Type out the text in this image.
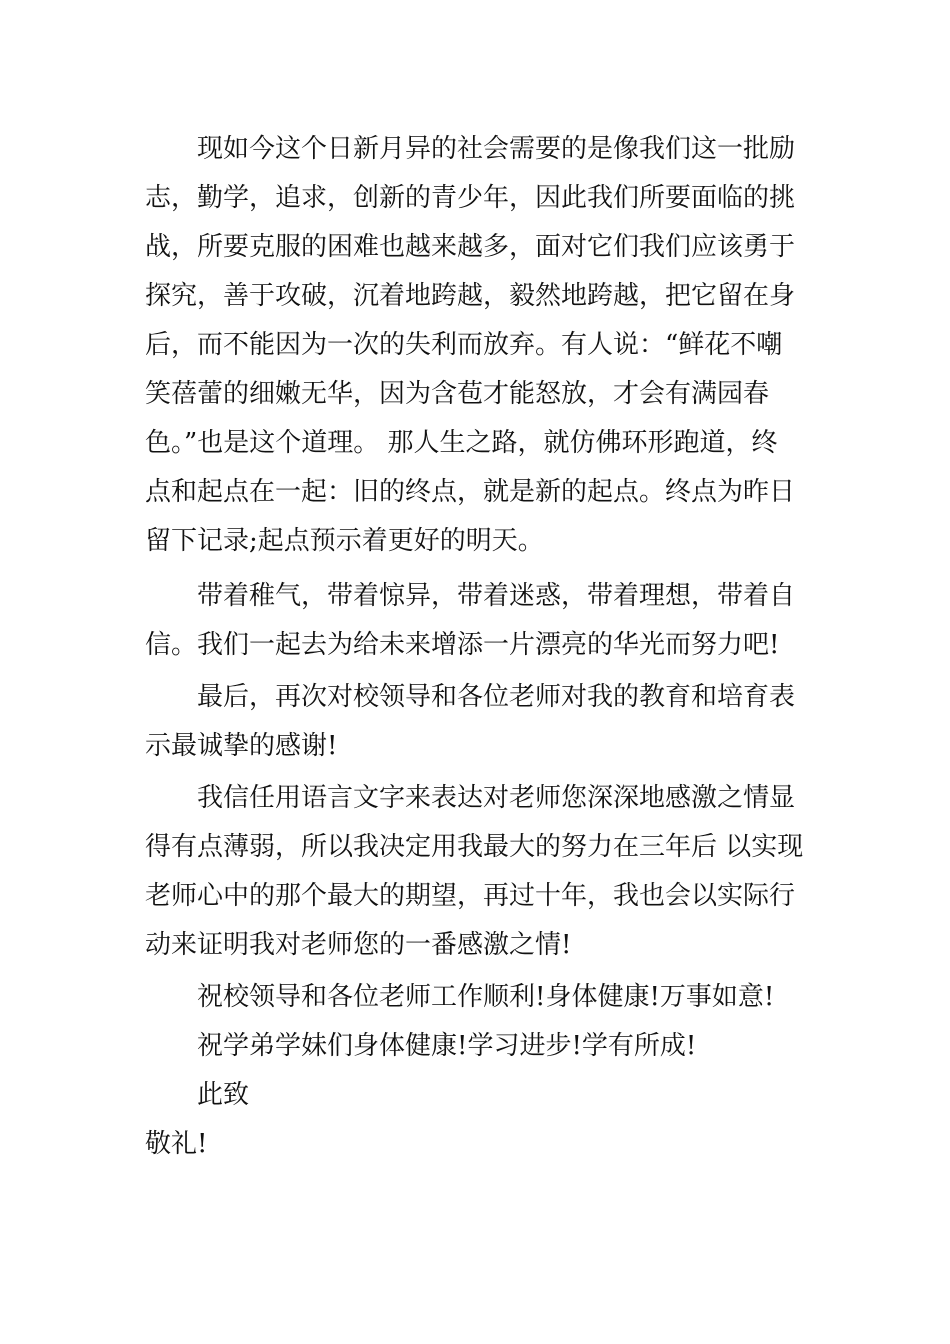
现如今这个日新月异的社会需要的是像我们这一批励
志，勤学，追求，创新的青少年，因此我们所要面临的挑
战，所要克服的困难也越来越多，面对它们我们应该勇于
探究，善于攻破，沉着地跨越，毅然地跨越，把它留在身
后，而不能因为一次的失利而放弃。有人说：“鲜花不嘲
笑蓓蕾的细嫩无华，因为含苞才能怒放，才会有满园春
色。”也是这个道理。 那人生之路，就仿佛环形跑道，终
点和起点在一起：旧的终点，就是新的起点。终点为昨日
留下记录;起点预示着更好的明天。
带着稚气，带着惊异，带着迷惑，带着理想，带着自
信。我们一起去为给未来增添一片漂亮的华光而努力吧!
最后，再次对校领导和各位老师对我的教育和培育表
示最诚挚的感谢!
我信任用语言文字来表达对老师您深深地感激之情显
得有点薄弱，所以我决定用我最大的努力在三年后 以实现
老师心中的那个最大的期望，再过十年，我也会以实际行
动来证明我对老师您的一番感激之情!
祝校领导和各位老师工作顺利!身体健康!万事如意!
祝学弟学妹们身体健康!学习进步!学有所成!
此致
敬礼!
